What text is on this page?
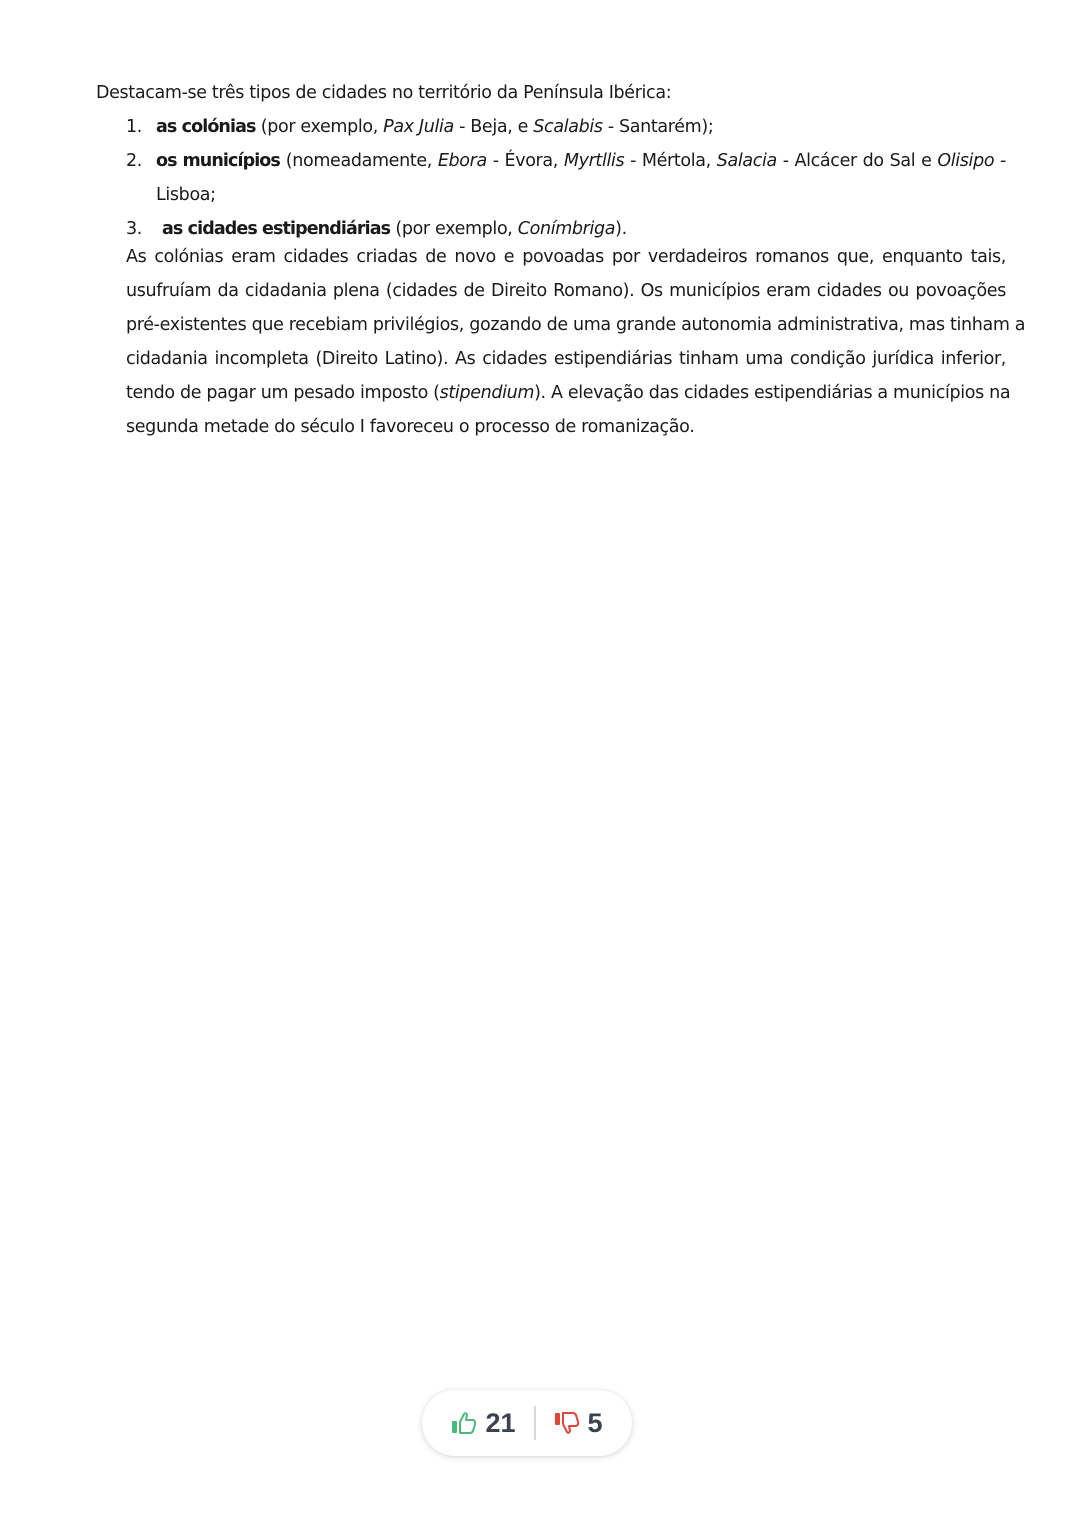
Destacam-se três tipos de cidades no território da Península Ibérica:

1. as colónias (por exemplo, Pax Julia - Beja, e Scalabis - Santarém);
2. os municípios (nomeadamente, Ebora - Évora, Myrtllis - Mértola, Salacia - Alcácer do Sal e Olisipo - Lisboa;
3. as cidades estipendiárias (por exemplo, Conímbriga).

As colónias eram cidades criadas de novo e povoadas por verdadeiros romanos que, enquanto tais,
usufruíam da cidadania plena (cidades de Direito Romano). Os municípios eram cidades ou povoações
pré-existentes que recebiam privilégios, gozando de uma grande autonomia administrativa, mas tinham a
cidadania incompleta (Direito Latino). As cidades estipendiárias tinham uma condição jurídica inferior,
tendo de pagar um pesado imposto (stipendium). A elevação das cidades estipendiárias a municípios na
segunda metade do século I favoreceu o processo de romanização.

21	5
